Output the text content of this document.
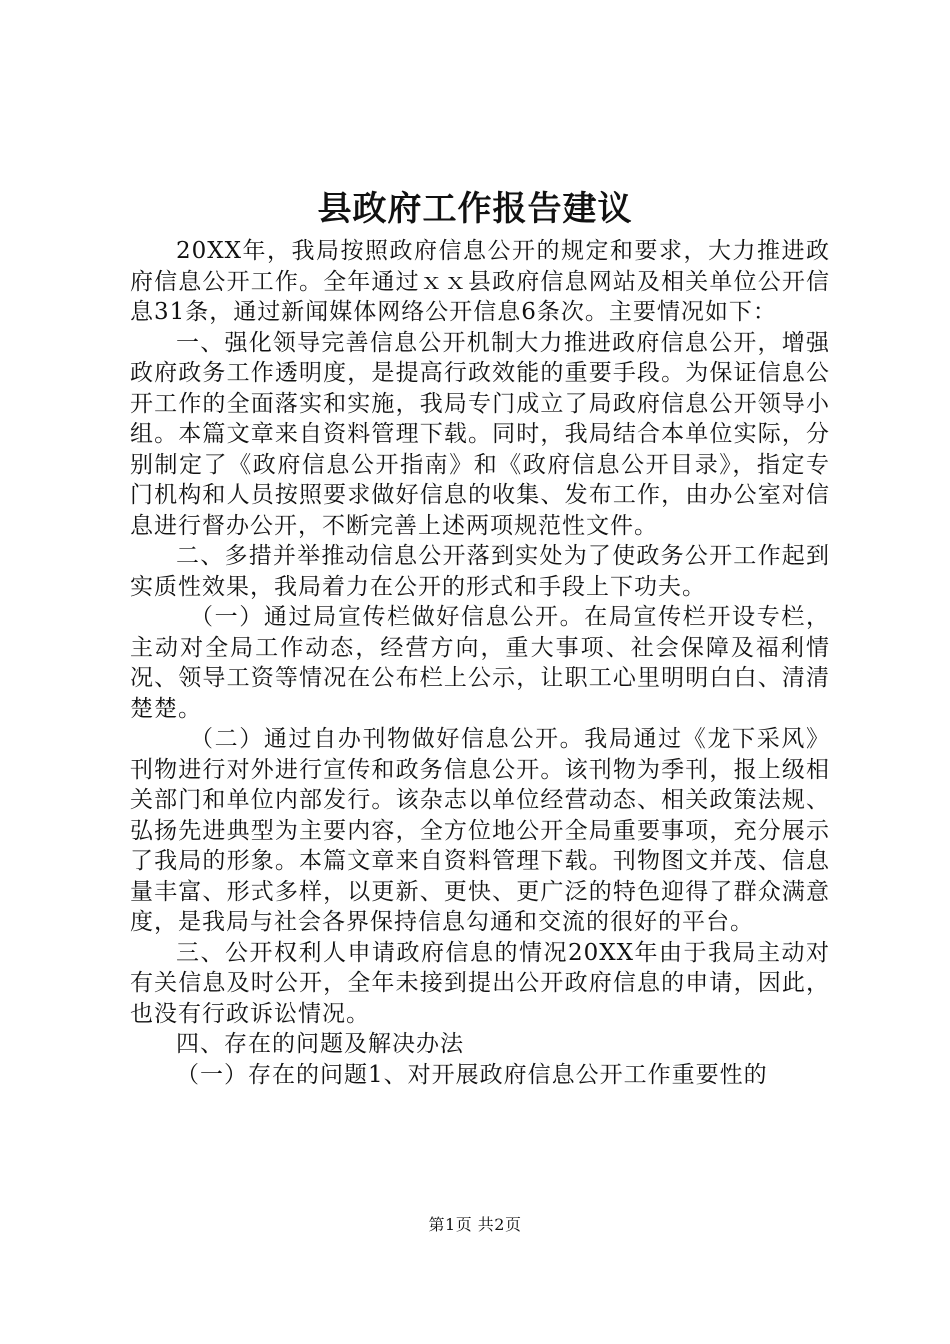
县政府工作报告建议

20XX年，我局按照政府信息公开的规定和要求，大力推进政府信息公开工作。全年通过ｘｘ县政府信息网站及相关单位公开信息31条，通过新闻媒体网络公开信息6条次。主要情况如下：

一、强化领导完善信息公开机制大力推进政府信息公开，增强政府政务工作透明度，是提高行政效能的重要手段。为保证信息公开工作的全面落实和实施，我局专门成立了局政府信息公开领导小组。本篇文章来自资料管理下载。同时，我局结合本单位实际，分别制定了《政府信息公开指南》和《政府信息公开目录》，指定专门机构和人员按照要求做好信息的收集、发布工作，由办公室对信息进行督办公开，不断完善上述两项规范性文件。

二、多措并举推动信息公开落到实处为了使政务公开工作起到实质性效果，我局着力在公开的形式和手段上下功夫。

（一）通过局宣传栏做好信息公开。在局宣传栏开设专栏，主动对全局工作动态，经营方向，重大事项、社会保障及福利情况、领导工资等情况在公布栏上公示，让职工心里明明白白、清清楚楚。

（二）通过自办刊物做好信息公开。我局通过《龙下采风》刊物进行对外进行宣传和政务信息公开。该刊物为季刊，报上级相关部门和单位内部发行。该杂志以单位经营动态、相关政策法规、弘扬先进典型为主要内容，全方位地公开全局重要事项，充分展示了我局的形象。本篇文章来自资料管理下载。刊物图文并茂、信息量丰富、形式多样，以更新、更快、更广泛的特色迎得了群众满意度，是我局与社会各界保持信息勾通和交流的很好的平台。

三、公开权利人申请政府信息的情况20XX年由于我局主动对有关信息及时公开，全年未接到提出公开政府信息的申请，因此，也没有行政诉讼情况。

四、存在的问题及解决办法

（一）存在的问题1、对开展政府信息公开工作重要性的

第1页 共2页
